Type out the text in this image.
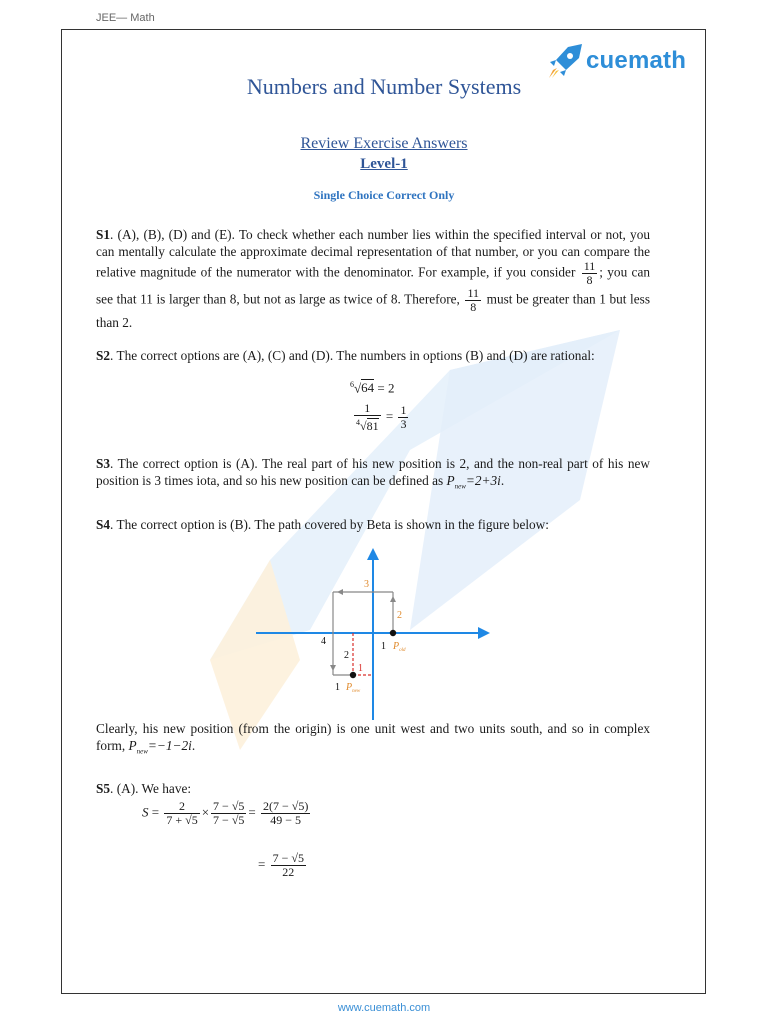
JEE— Math
cuemath
Numbers and Number Systems
Review Exercise Answers
Level-1
Single Choice Correct Only
S1. (A), (B), (D) and (E). To check whether each number lies within the specified interval or not, you can mentally calculate the approximate decimal representation of that number, or you can compare the relative magnitude of the numerator with the denominator. For example, if you consider $\frac{11}{8}$ ; you can see that 11 is larger than 8, but not as large as twice of 8. Therefore, $\frac{11}{8}$ must be greater than 1 but less than 2.
S2. The correct options are (A), (C) and (D). The numbers in options (B) and (D) are rational:
$^6$√64 = 2
$\frac{1}{^4√81} = \frac{1}{3}$
S3. The correct option is (A). The real part of his new position is 2, and the non-real part of his new position is 3 times iota, and so his new position can be defined as $P_{new}=2+3i$.
S4. The correct option is (B). The path covered by Beta is shown in the figure below:
3
2
4
2
1
1 $P_{old}$
1 $P_{new}$
Clearly, his new position (from the origin) is one unit west and two units south, and so in complex form, $P_{new}=-1-2i$.
S5. (A). We have:
$S = \frac{2}{7 + √5} \times \frac{7 - √5}{7 - √5} = \frac{2(7 - √5)}{49 - 5}$
= $\frac{7 - √5}{22}$
www.cuemath.com
